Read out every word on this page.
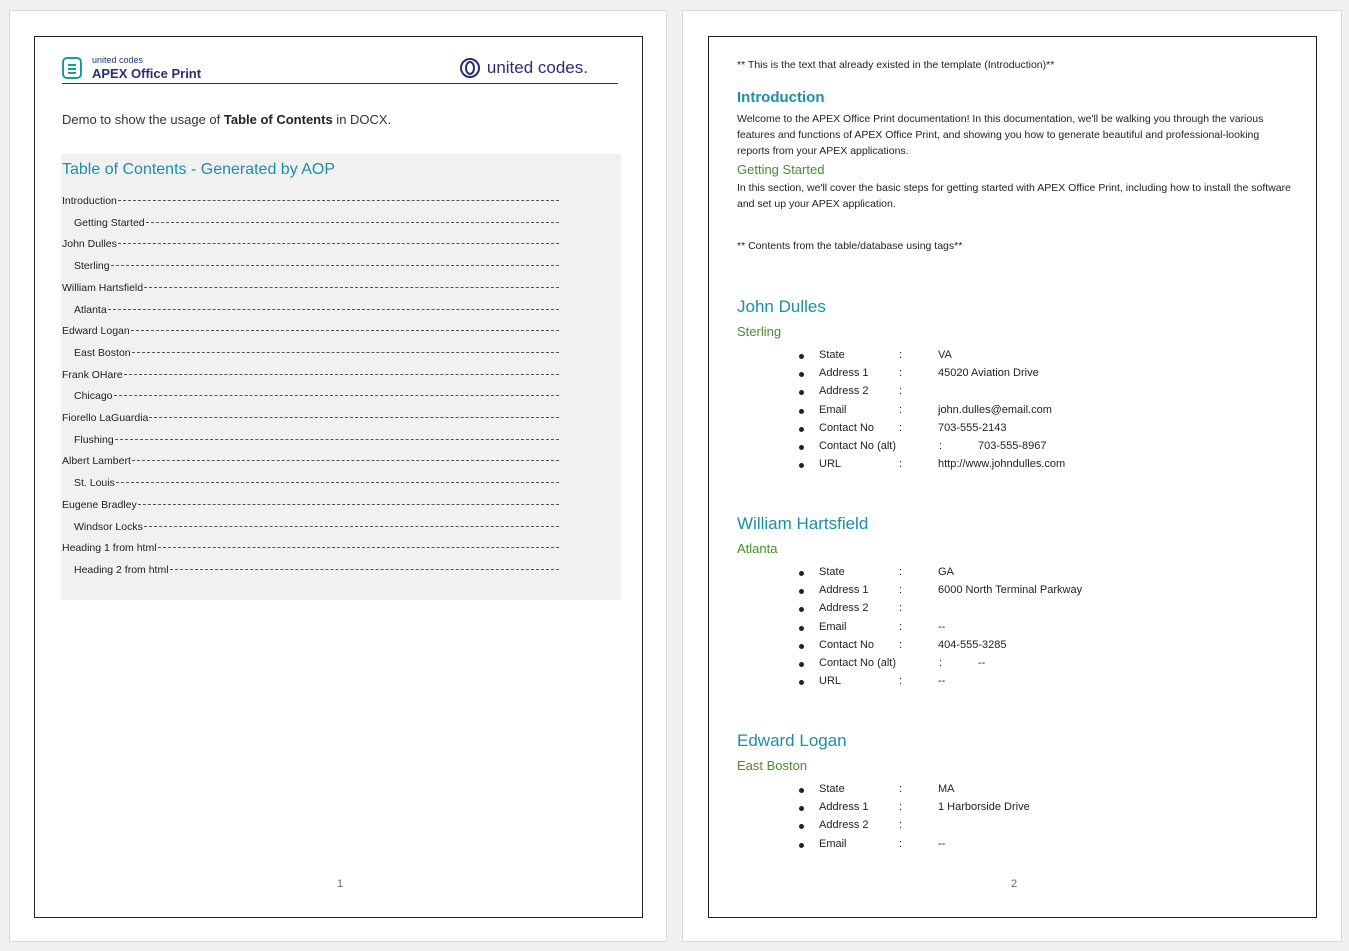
united codes
APEX Office Print	united codes.
Demo to show the usage of Table of Contents in DOCX.
Table of Contents - Generated by AOP
Introduction
Getting Started
John Dulles
Sterling
William Hartsfield
Atlanta
Edward Logan
East Boston
Frank OHare
Chicago
Fiorello LaGuardia
Flushing
Albert Lambert
St. Louis
Eugene Bradley
Windsor Locks
Heading 1 from html
Heading 2 from html
1
** This is the text that already existed in the template (Introduction)**
Introduction
Welcome to the APEX Office Print documentation! In this documentation, we'll be walking you through the various features and functions of APEX Office Print, and showing you how to generate beautiful and professional-looking reports from your APEX applications.
Getting Started
In this section, we'll cover the basic steps for getting started with APEX Office Print, including how to install the software and set up your APEX application.
** Contents from the table/database using tags**
2
John Dulles
Sterling
State	:	VA
Address 1	:	45020 Aviation Drive
Address 2	:
Email	:	john.dulles@email.com
Contact No :	703-555-2143
Contact No (alt)	:	703-555-8967
URL	:	http://www.johndulles.com
William Hartsfield
Atlanta
State	:	GA
Address 1	:	6000 North Terminal Parkway
Address 2	:
Email	:	--
Contact No :	404-555-3285
Contact No (alt)	:	--
URL	:	--
Edward Logan
East Boston
State	:	MA
Address 1	:	1 Harborside Drive
Address 2	:
Email	:	--
